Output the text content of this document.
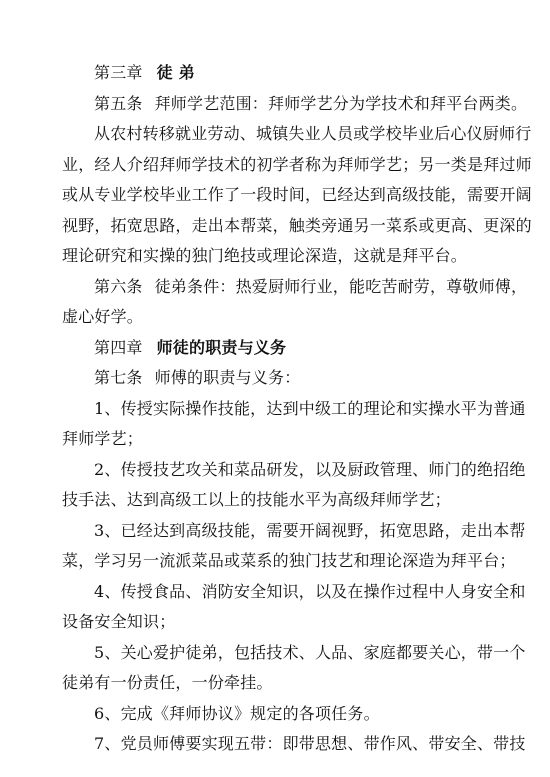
第三章 徒 弟
第五条 拜师学艺范围：拜师学艺分为学技术和拜平台两类。
从农村转移就业劳动、城镇失业人员或学校毕业后心仪厨师行
业，经人介绍拜师学技术的初学者称为拜师学艺；另一类是拜过师
或从专业学校毕业工作了一段时间，已经达到高级技能，需要开阔
视野，拓宽思路，走出本帮菜，触类旁通另一菜系或更高、更深的
理论研究和实操的独门绝技或理论深造，这就是拜平台。
第六条 徒弟条件：热爱厨师行业，能吃苦耐劳，尊敬师傅，
虚心好学。
第四章 师徒的职责与义务
第七条 师傅的职责与义务：
1、传授实际操作技能，达到中级工的理论和实操水平为普通
拜师学艺；
2、传授技艺攻关和菜品研发，以及厨政管理、师门的绝招绝
技手法、达到高级工以上的技能水平为高级拜师学艺；
3、已经达到高级技能，需要开阔视野，拓宽思路，走出本帮
菜，学习另一流派菜品或菜系的独门技艺和理论深造为拜平台；
4、传授食品、消防安全知识，以及在操作过程中人身安全和
设备安全知识；
5、关心爱护徒弟，包括技术、人品、家庭都要关心，带一个
徒弟有一份责任，一份牵挂。
6、完成《拜师协议》规定的各项任务。
7、党员师傅要实现五带：即带思想、带作风、带安全、带技
